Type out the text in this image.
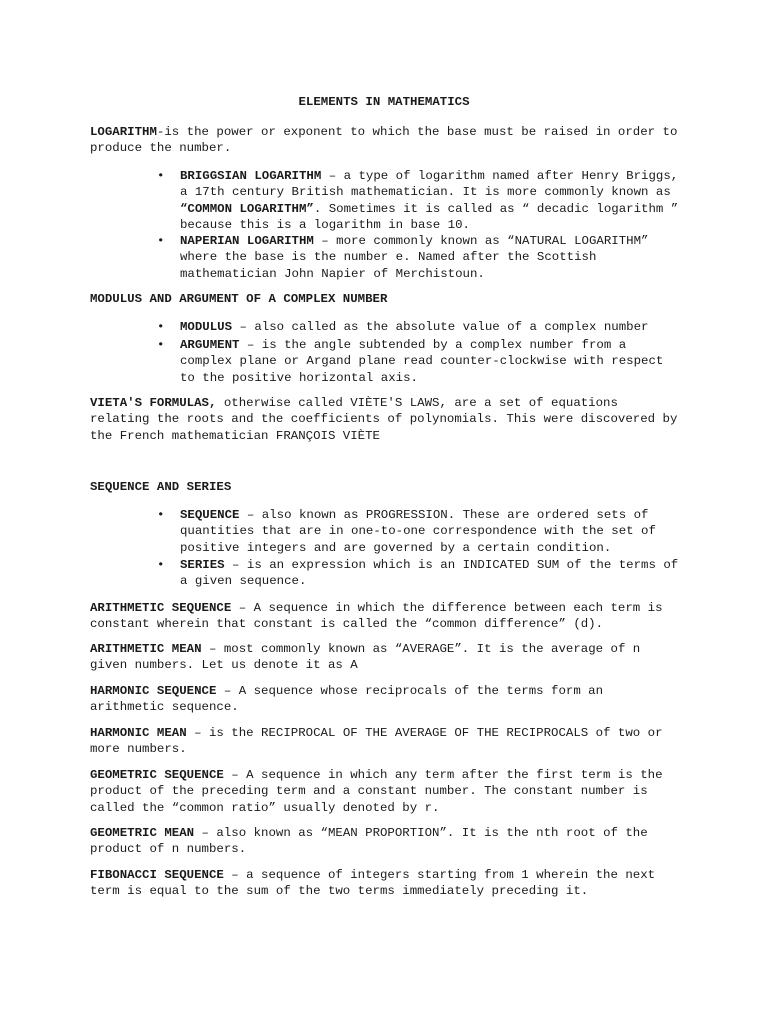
ELEMENTS IN MATHEMATICS

LOGARITHM-is the power or exponent to which the base must be raised in order to produce the number.

• BRIGGSIAN LOGARITHM – a type of logarithm named after Henry Briggs, a 17th century British mathematician. It is more commonly known as “COMMON LOGARITHM”. Sometimes it is called as “ decadic logarithm ” because this is a logarithm in base 10.

• NAPERIAN LOGARITHM – more commonly known as “NATURAL LOGARITHM” where the base is the number e. Named after the Scottish mathematician John Napier of Merchistoun.

MODULUS AND ARGUMENT OF A COMPLEX NUMBER

• MODULUS – also called as the absolute value of a complex number

• ARGUMENT – is the angle subtended by a complex number from a complex plane or Argand plane read counter-clockwise with respect to the positive horizontal axis.

VIETA'S FORMULAS, otherwise called VIÈTE'S LAWS, are a set of equations relating the roots and the coefficients of polynomials. This were discovered by the French mathematician FRANÇOIS VIÈTE

SEQUENCE AND SERIES

• SEQUENCE – also known as PROGRESSION. These are ordered sets of quantities that are in one-to-one correspondence with the set of positive integers and are governed by a certain condition.

• SERIES – is an expression which is an INDICATED SUM of the terms of a given sequence.

ARITHMETIC SEQUENCE – A sequence in which the difference between each term is constant wherein that constant is called the “common difference” (d).

ARITHMETIC MEAN – most commonly known as “AVERAGE”. It is the average of n given numbers. Let us denote it as A

HARMONIC SEQUENCE – A sequence whose reciprocals of the terms form an arithmetic sequence.

HARMONIC MEAN – is the RECIPROCAL OF THE AVERAGE OF THE RECIPROCALS of two or more numbers.

GEOMETRIC SEQUENCE – A sequence in which any term after the first term is the product of the preceding term and a constant number. The constant number is called the “common ratio” usually denoted by r.

GEOMETRIC MEAN – also known as “MEAN PROPORTION”. It is the nth root of the product of n numbers.

FIBONACCI SEQUENCE – a sequence of integers starting from 1 wherein the next term is equal to the sum of the two terms immediately preceding it.
